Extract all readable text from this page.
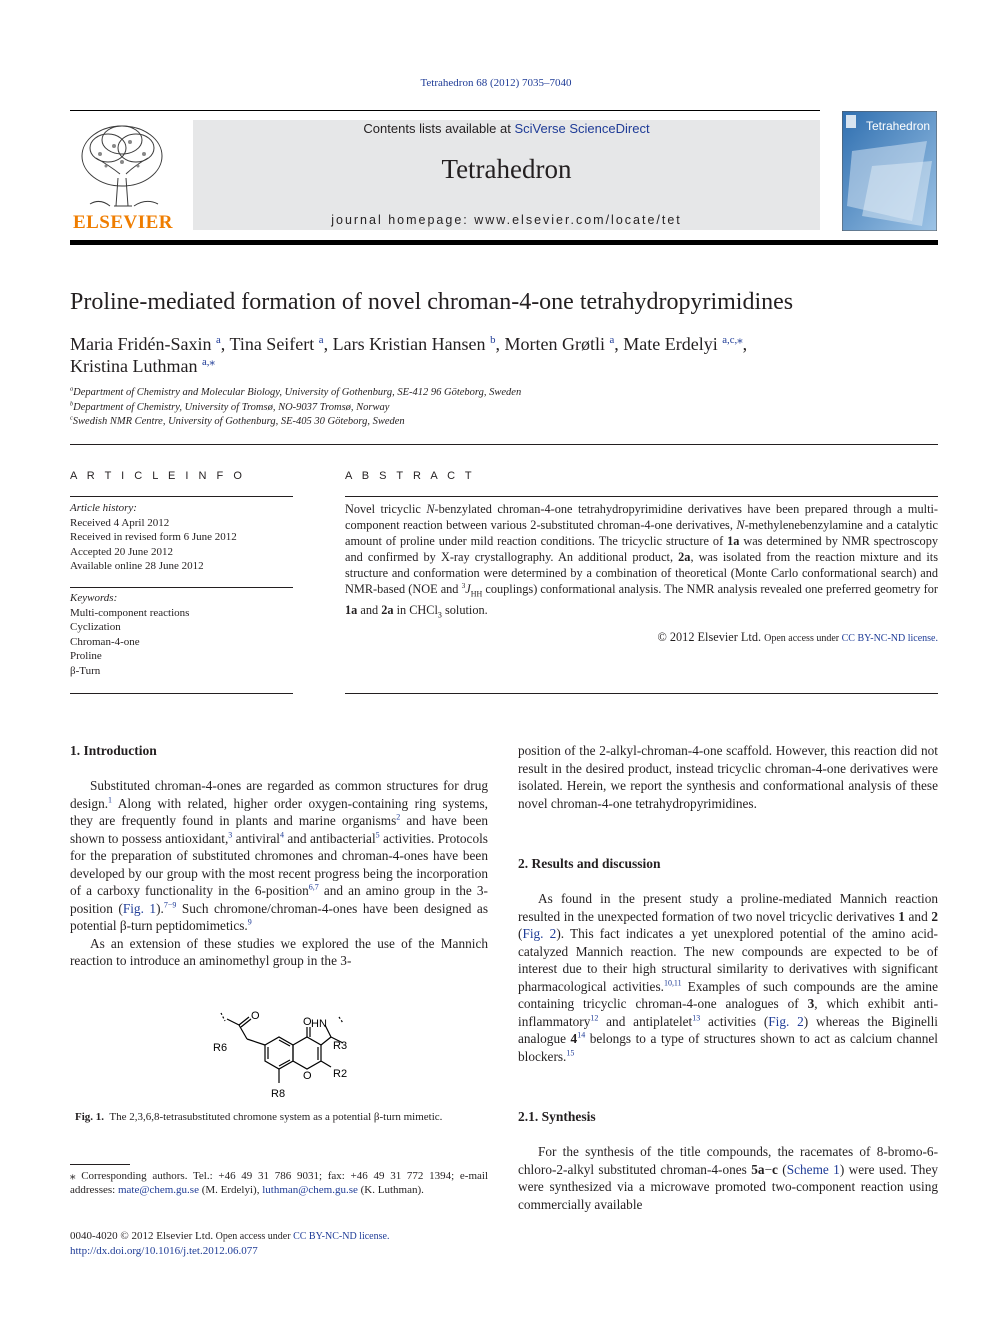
Tetrahedron 68 (2012) 7035–7040
ELSEVIER
Contents lists available at SciVerse ScienceDirect
Tetrahedron
journal homepage: www.elsevier.com/locate/tet
Tetrahedron
Proline-mediated formation of novel chroman-4-one tetrahydropyrimidines
Maria Fridén-Saxin $^a$, Tina Seifert $^a$, Lars Kristian Hansen $^b$, Morten Grøtli $^a$, Mate Erdelyi $^{a,c,⁎}$,
Kristina Luthman $^{a,⁎}$
$^a$Department of Chemistry and Molecular Biology, University of Gothenburg, SE-412 96 Göteborg, Sweden
$^b$Department of Chemistry, University of Tromsø, NO-9037 Tromsø, Norway
$^c$Swedish NMR Centre, University of Gothenburg, SE-405 30 Göteborg, Sweden
A R T I C L E I N F O
Article history:
Received 4 April 2012
Received in revised form 6 June 2012
Accepted 20 June 2012
Available online 28 June 2012
Keywords:
Multi-component reactions
Cyclization
Chroman-4-one
Proline
β-Turn
A B S T R A C T
Novel tricyclic N-benzylated chroman-4-one tetrahydropyrimidine derivatives have been prepared through a multi-component reaction between various 2-substituted chroman-4-one derivatives, N-methylenebenzylamine and a catalytic amount of proline under mild reaction conditions. The tricyclic structure of 1a was determined by NMR spectroscopy and confirmed by X-ray crystallography. An additional product, 2a, was isolated from the reaction mixture and its structure and conformation were determined by a combination of theoretical (Monte Carlo conformational search) and NMR-based (NOE and $^3J_{HH}$ couplings) conformational analysis. The NMR analysis revealed one preferred geometry for 1a and 2a in CHCl$_3$ solution.
© 2012 Elsevier Ltd. Open access under CC BY-NC-ND license.
1. Introduction

Substituted chroman-4-ones are regarded as common structures for drug design.$^1$ Along with related, higher order oxygen-containing ring systems, they are frequently found in plants and marine organisms$^2$ and have been shown to possess antioxidant,$^3$ antiviral$^4$ and antibacterial$^5$ activities. Protocols for the preparation of substituted chromones and chroman-4-ones have been developed by our group with the most recent progress being the incorporation of a carboxy functionality in the 6-position$^{6,7}$ and an amino group in the 3-position (Fig. 1).$^{7-9}$ Such chromone/chroman-4-ones have been designed as potential β-turn peptidomimetics.$^9$

As an extension of these studies we explored the use of the Mannich reaction to introduce an aminomethyl group in the 3-

O	O
O
R6	R3
R2
R8
HN
Fig. 1. The 2,3,6,8-tetrasubstituted chromone system as a potential β-turn mimetic.
⁎ Corresponding authors. Tel.: +46 49 31 786 9031; fax: +46 49 31 772 1394; e-mail addresses: mate@chem.gu.se (M. Erdelyi), luthman@chem.gu.se (K. Luthman).
0040-4020 © 2012 Elsevier Ltd. Open access under CC BY-NC-ND license.
http://dx.doi.org/10.1016/j.tet.2012.06.077
position of the 2-alkyl-chroman-4-one scaffold. However, this reaction did not result in the desired product, instead tricyclic chroman-4-one derivatives were isolated. Herein, we report the synthesis and conformational analysis of these novel chroman-4-one tetrahydropyrimidines.
2. Results and discussion

As found in the present study a proline-mediated Mannich reaction resulted in the unexpected formation of two novel tricyclic derivatives 1 and 2 (Fig. 2). This fact indicates a yet unexplored potential of the amino acid-catalyzed Mannich reaction. The new compounds are expected to be of interest due to their high structural similarity to derivatives with significant pharmacological activities.$^{10,11}$ Examples of such compounds are the amine containing tricyclic chroman-4-one analogues of 3, which exhibit anti-inflammatory$^{12}$ and antiplatelet$^{13}$ activities (Fig. 2) whereas the Biginelli analogue $4^{14}$ belongs to a type of structures shown to act as calcium channel blockers.$^{15}$

2.1. Synthesis

For the synthesis of the title compounds, the racemates of 8-bromo-6-chloro-2-alkyl substituted chroman-4-ones 5a−c (Scheme 1) were used. They were synthesized via a microwave promoted two-component reaction using commercially available
